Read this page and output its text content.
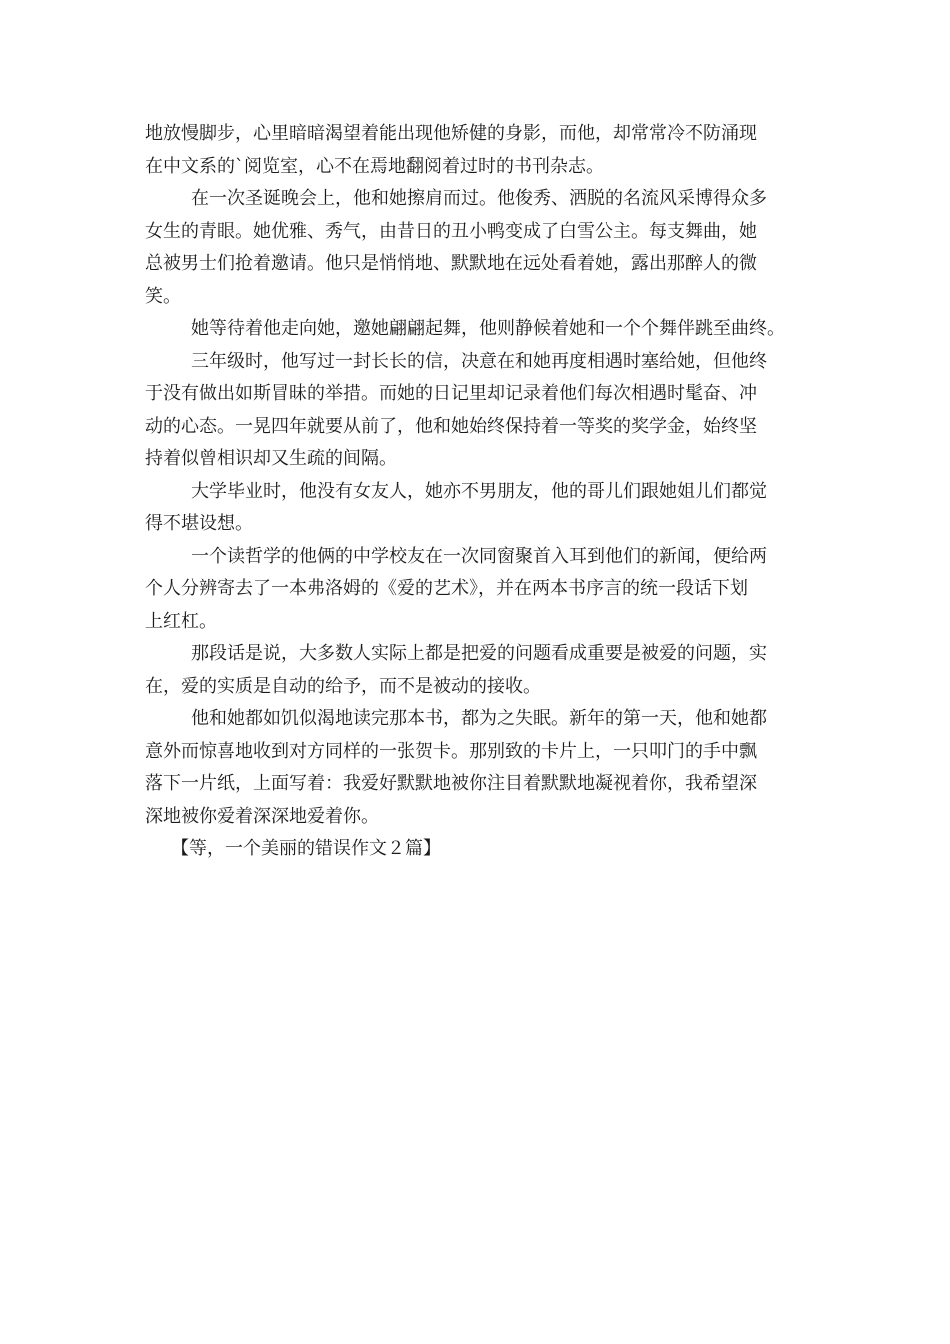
地放慢脚步，心里暗暗渴望着能出现他矫健的身影，而他，却常常冷不防涌现
在中文系的`阅览室，心不在焉地翻阅着过时的书刊杂志。
在一次圣诞晚会上，他和她擦肩而过。他俊秀、洒脱的名流风采博得众多
女生的青眼。她优雅、秀气，由昔日的丑小鸭变成了白雪公主。每支舞曲，她
总被男士们抢着邀请。他只是悄悄地、默默地在远处看着她，露出那醉人的微
笑。
她等待着他走向她，邀她翩翩起舞，他则静候着她和一个个舞伴跳至曲终。
三年级时，他写过一封长长的信，决意在和她再度相遇时塞给她，但他终
于没有做出如斯冒昧的举措。而她的日记里却记录着他们每次相遇时髦奋、冲
动的心态。一晃四年就要从前了，他和她始终保持着一等奖的奖学金，始终坚
持着似曾相识却又生疏的间隔。
大学毕业时，他没有女友人，她亦不男朋友，他的哥儿们跟她姐儿们都觉
得不堪设想。
一个读哲学的他俩的中学校友在一次同窗聚首入耳到他们的新闻，便给两
个人分辨寄去了一本弗洛姆的《爱的艺术》，并在两本书序言的统一段话下划
上红杠。
那段话是说，大多数人实际上都是把爱的问题看成重要是被爱的问题，实
在，爱的实质是自动的给予，而不是被动的接收。
他和她都如饥似渴地读完那本书，都为之失眠。新年的第一天，他和她都
意外而惊喜地收到对方同样的一张贺卡。那别致的卡片上，一只叩门的手中飘
落下一片纸，上面写着：我爱好默默地被你注目着默默地凝视着你，我希望深
深地被你爱着深深地爱着你。
【等，一个美丽的错误作文２篇】
